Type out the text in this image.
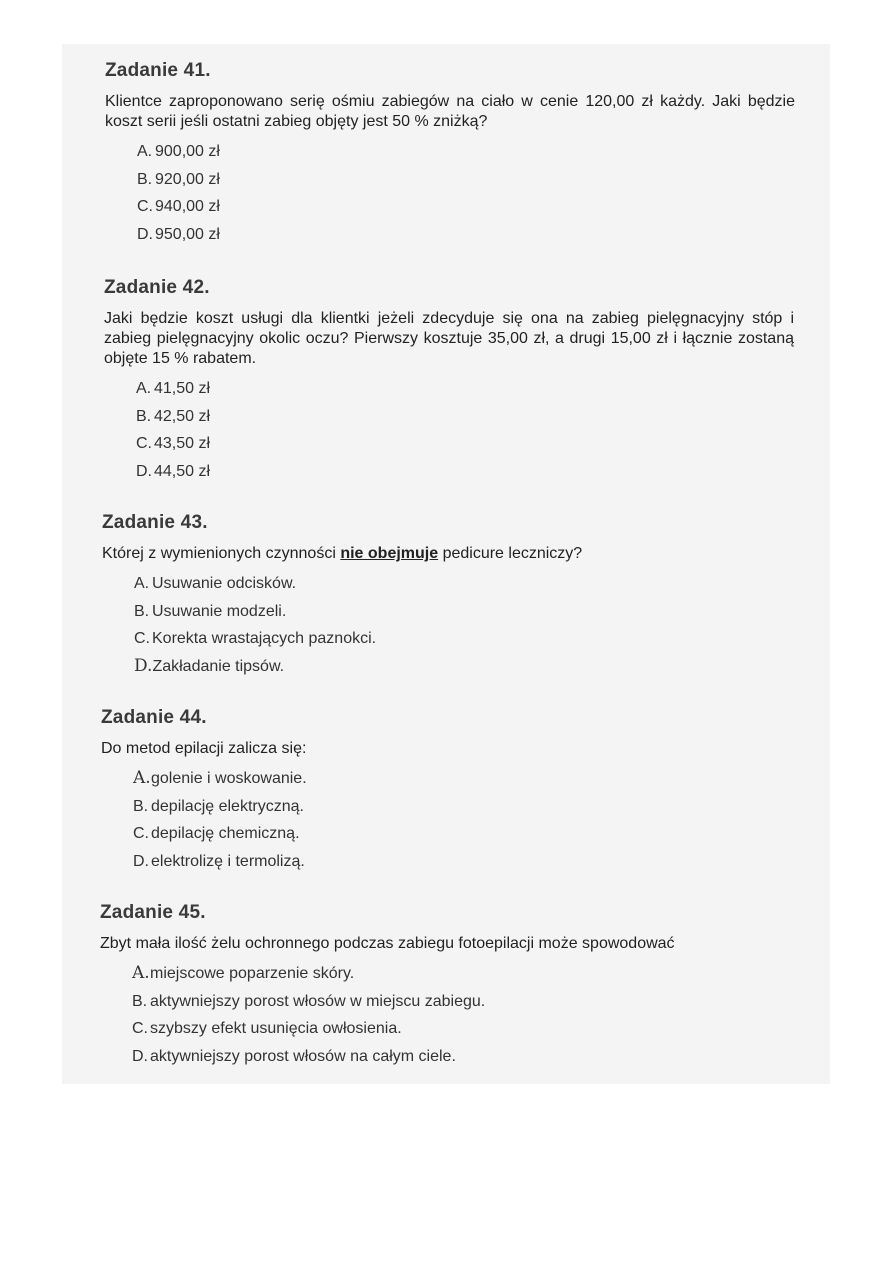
Zadanie 41.

Klientce zaproponowano serię ośmiu zabiegów na ciało w cenie 120,00 zł każdy. Jaki będzie koszt serii jeśli ostatni zabieg objęty jest 50 % zniżką?

A. 900,00 zł
B. 920,00 zł
C. 940,00 zł
D. 950,00 zł
Zadanie 42.

Jaki będzie koszt usługi dla klientki jeżeli zdecyduje się ona na zabieg pielęgnacyjny stóp i zabieg pielęgnacyjny okolic oczu? Pierwszy kosztuje 35,00 zł, a drugi 15,00 zł i łącznie zostaną objęte 15 % rabatem.

A. 41,50 zł
B. 42,50 zł
C. 43,50 zł
D. 44,50 zł
Zadanie 43.

Której z wymienionych czynności nie obejmuje pedicure leczniczy?

A. Usuwanie odcisków.
B. Usuwanie modzeli.
C. Korekta wrastających paznokci.
D.Zakładanie tipsów.
Zadanie 44.

Do metod epilacji zalicza się:

A.golenie i woskowanie.
B. depilację elektryczną.
C. depilację chemiczną.
D. elektrolizę i termolizą.
Zadanie 45.

Zbyt mała ilość żelu ochronnego podczas zabiegu fotoepilacji może spowodować

A.miejscowe poparzenie skóry.
B. aktywniejszy porost włosów w miejscu zabiegu.
C. szybszy efekt usunięcia owłosienia.
D. aktywniejszy porost włosów na całym ciele.
